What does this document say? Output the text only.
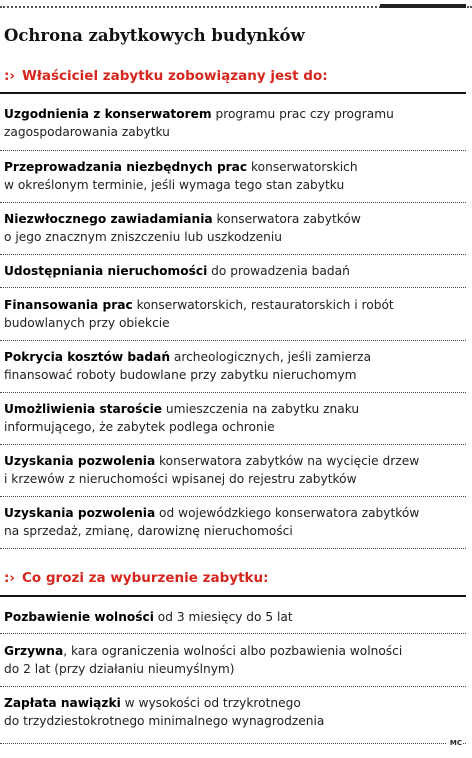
Ochrona zabytkowych budynków
:› Właściciel zabytku zobowiązany jest do:
Uzgodnienia z konserwatorem programu prac czy programu
zagospodarowania zabytku
Przeprowadzania niezbędnych prac konserwatorskich
w określonym terminie, jeśli wymaga tego stan zabytku
Niezwłocznego zawiadamiania konserwatora zabytków
o jego znacznym zniszczeniu lub uszkodzeniu
Udostępniania nieruchomości do prowadzenia badań
Finansowania prac konserwatorskich, restauratorskich i robót
budowlanych przy obiekcie
Pokrycia kosztów badań archeologicznych, jeśli zamierza
finansować roboty budowlane przy zabytku nieruchomym
Umożliwienia staroście umieszczenia na zabytku znaku
informującego, że zabytek podlega ochronie
Uzyskania pozwolenia konserwatora zabytków na wycięcie drzew
i krzewów z nieruchomości wpisanej do rejestru zabytków
Uzyskania pozwolenia od wojewódzkiego konserwatora zabytków
na sprzedaż, zmianę, darowiznę nieruchomości
:› Co grozi za wyburzenie zabytku:
Pozbawienie wolności od 3 miesięcy do 5 lat
Grzywna, kara ograniczenia wolności albo pozbawienia wolności
do 2 lat (przy działaniu nieumyślnym)
Zapłata nawiązki w wysokości od trzykrotnego
do trzydziestokrotnego minimalnego wynagrodzenia
MC
